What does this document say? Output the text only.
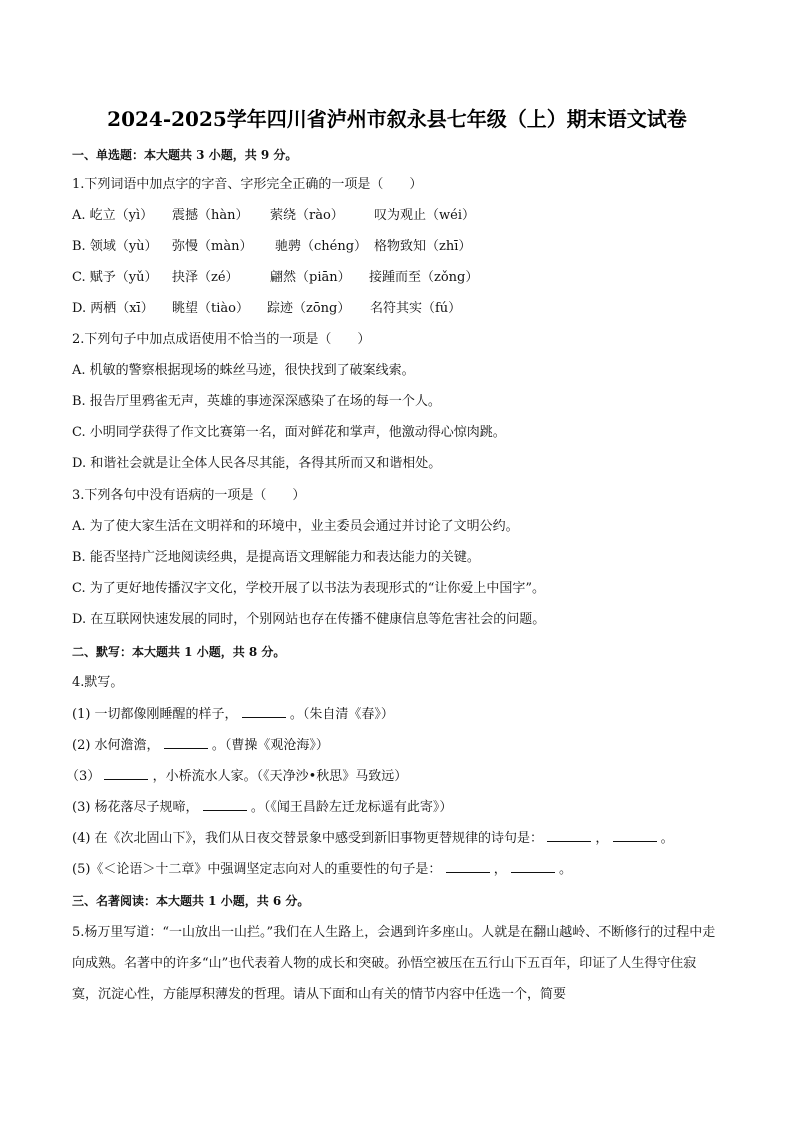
2024-2025学年四川省泸州市叙永县七年级（上）期末语文试卷
一、单选题：本大题共 3 小题，共 9 分。
1.下列词语中加点字的字音、字形完全正确的一项是（　　）
A. 屹立（yì） 震撼（hàn） 萦绕（rào） 叹为观止（wéi）
B. 领域（yù） 弥慢（màn） 驰骋（chéng） 格物致知（zhī）
C. 赋予（yǔ） 抉泽（zé） 翩然（piān） 接踵而至（zǒng）
D. 两栖（xī） 眺望（tiào） 踪迹（zōng） 名符其实（fú）
2.下列句子中加点成语使用不恰当的一项是（　　）
A. 机敏的警察根据现场的蛛丝马迹，很快找到了破案线索。
B. 报告厅里鸦雀无声，英雄的事迹深深感染了在场的每一个人。
C. 小明同学获得了作文比赛第一名，面对鲜花和掌声，他激动得心惊肉跳。
D. 和谐社会就是让全体人民各尽其能，各得其所而又和谐相处。
3.下列各句中没有语病的一项是（　　）
A. 为了使大家生活在文明祥和的环境中，业主委员会通过并讨论了文明公约。
B. 能否坚持广泛地阅读经典，是提高语文理解能力和表达能力的关键。
C. 为了更好地传播汉字文化，学校开展了以书法为表现形式的“让你爱上中国字”。
D. 在互联网快速发展的同时，个别网站也存在传播不健康信息等危害社会的问题。
二、默写：本大题共 1 小题，共 8 分。
4.默写。
(1) 一切都像刚睡醒的样子，	。（朱自清《春》）
(2) 水何澹澹，	。（曹操《观沧海》）
（3）	，小桥流水人家。（《天净沙•秋思》马致远）
(3) 杨花落尽子规啼，	。（《闻王昌龄左迁龙标遥有此寄》）
(4) 在《次北固山下》，我们从日夜交替景象中感受到新旧事物更替规律的诗句是：	，	。
(5)《＜论语＞十二章》中强调坚定志向对人的重要性的句子是：	，	。
三、名著阅读：本大题共 1 小题，共 6 分。
5.杨万里写道：“一山放出一山拦。”我们在人生路上，会遇到许多座山。人就是在翻山越岭、不断修行的过程中走向成熟。名著中的许多“山”也代表着人物的成长和突破。孙悟空被压在五行山下五百年，印证了人生得守住寂寞，沉淀心性，方能厚积薄发的哲理。请从下面和山有关的情节内容中任选一个，简要
